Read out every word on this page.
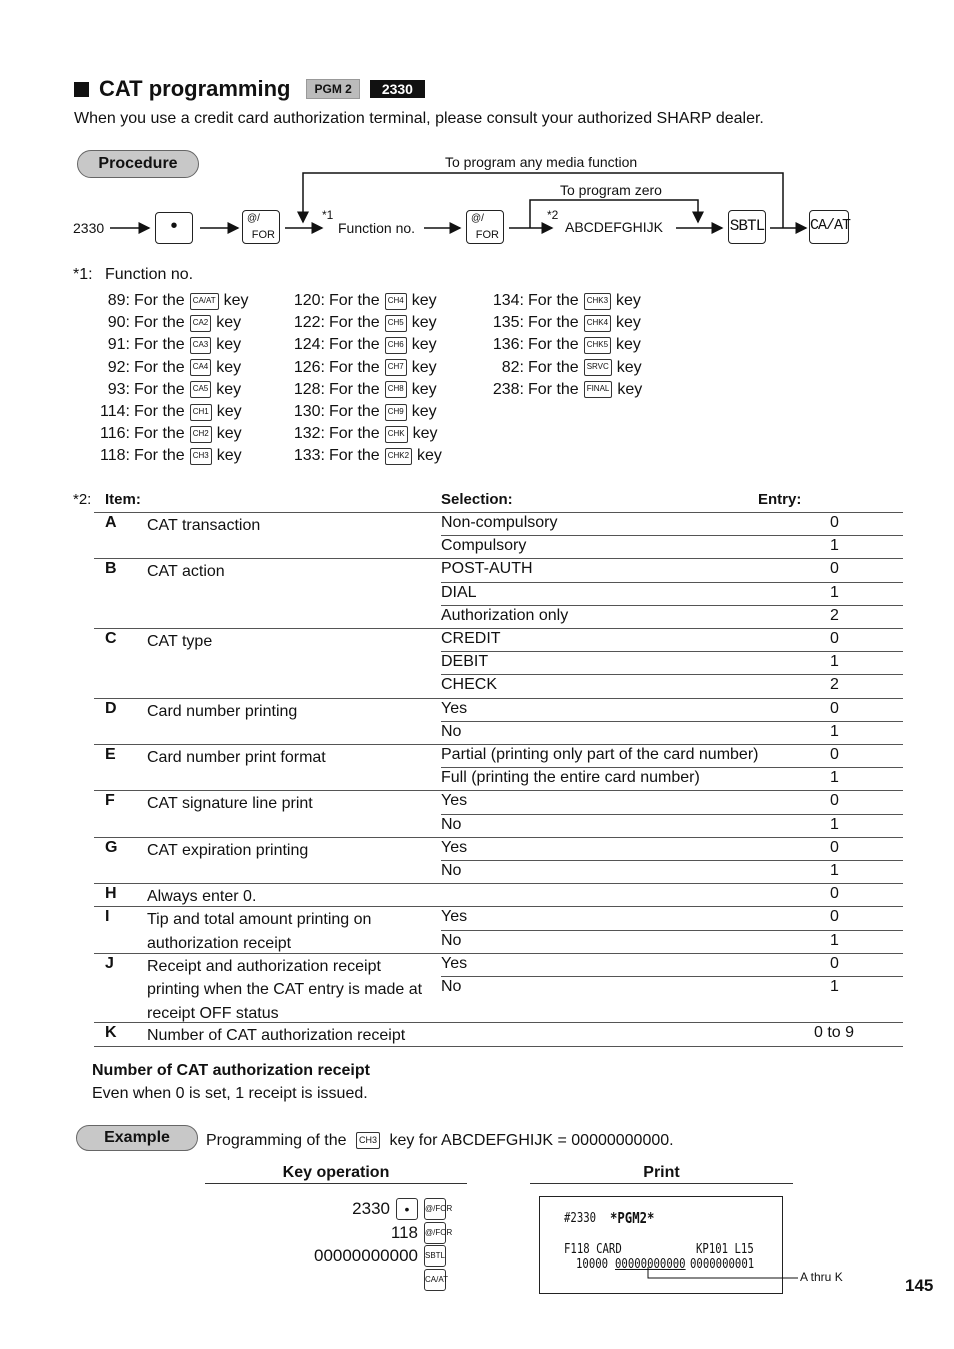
CAT programming	PGM 2	2330
When you use a credit card authorization terminal, please consult your authorized SHARP dealer.
Procedure	To program any media function
To program zero
2330	•	@/
FOR
*1
Function no.
@/
FOR
*2
ABCDEFGHIJK	SBTL	CA/AT
*1: Function no.
89: For the	CA/AT key
90: For the	CA2 key
91: For the	CA3 key
92: For the	CA4 key
93: For the	CA5 key
114: For the	CH1 key
116: For the	CH2 key
118: For the	CH3 key
120: For the	CH4 key
122: For the	CH5 key
124: For the	CH6 key
126: For the	CH7 key
128: For the	CH8 key
130: For the	CH9 key
132: For the	CHK key
133: For the	CHK2 key
134: For the	CHK3 key
135: For the	CHK4 key
136: For the	CHK5 key
82: For the	SRVC key
238: For the	FINAL key
*2: Item:	Selection:	Entry:
A CAT transaction	Non-compulsory	0
Compulsory	1
B CAT action	POST-AUTH	0
DIAL	1
Authorization only	2
C CAT type	CREDIT	0
DEBIT	1
CHECK	2
D Card number printing	Yes	0
No	1
E Card number print format	Partial (printing only part of the card number)	0
Full (printing the entire card number)	1
F CAT signature line print	Yes	0
No	1
G CAT expiration printing	Yes	0
No	1
H Always enter 0.	0
I Tip and total amount printing on authorization receipt
Yes	0
No	1
J Receipt and authorization receipt printing when the CAT entry is made at receipt OFF status
Yes	0
No	1
K Number of CAT authorization receipt	0 to 9
Number of CAT authorization receipt
Even when 0 is set, 1 receipt is issued.
Example	Programming of the CH3 key for ABCDEFGHIJK = 00000000000.
Key operation	Print
2330	•	@/FOR
118 @/FOR
00000000000 SBTL
CA/AT
#2330 *PGM2*
F118 CARD	KP101 L15
10000 00000000000 0000000001
A thru K	145
